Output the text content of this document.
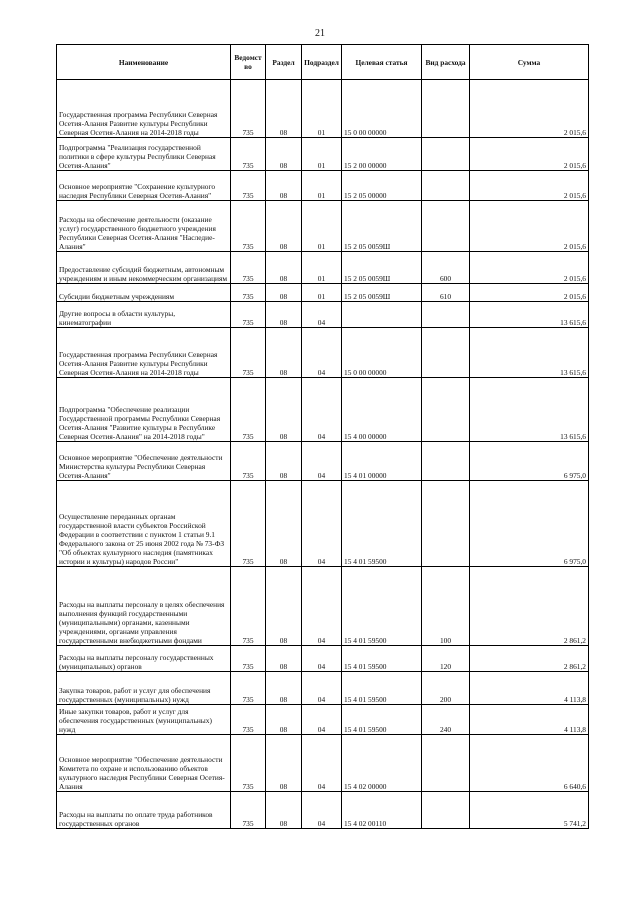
21
Наименование	Ведомст во	Раздел	Подраздел	Целевая статья	Вид расхода	Сумма
Государственная программа Республики Северная Осетия-Алания Развитие культуры Республики Северная Осетия-Алания на 2014-2018 годы	735	08	01	15 0 00 00000		2 015,6
Подпрограмма "Реализация государственной политики в сфере культуры Республики Северная Осетия-Алания"	735	08	01	15 2 00 00000		2 015,6
Основное мероприятие "Сохранение культурного наследия Республики Северная Осетия-Алания"	735	08	01	15 2 05 00000		2 015,6
Расходы на обеспечение деятельности (оказание услуг) государственного бюджетного учреждения Республики Северная Осетия-Алания "Наследие-Алания"	735	08	01	15 2 05 0059Ш		2 015,6
Предоставление субсидий бюджетным, автономным учреждениям и иным некоммерческим организациям	735	08	01	15 2 05 0059Ш	600	2 015,6
Субсидии бюджетным учреждениям	735	08	01	15 2 05 0059Ш	610	2 015,6
Другие вопросы в области культуры, кинематографии	735	08	04			13 615,6
Государственная программа Республики Северная Осетия-Алания Развитие культуры Республики Северная Осетия-Алания на 2014-2018 годы	735	08	04	15 0 00 00000		13 615,6
Подпрограмма "Обеспечение реализации Государственной программы Республики Северная Осетия-Алания "Развитие культуры в Республике Северная Осетия-Алания" на 2014-2018 годы"	735	08	04	15 4 00 00000		13 615,6
Основное мероприятие "Обеспечение деятельности Министерства культуры Республики Северная Осетия-Алания"	735	08	04	15 4 01 00000		6 975,0
Осуществление переданных органам государственной власти субъектов Российской Федерации в соответствии с пунктом 1 статьи 9.1 Федерального закона от 25 июня 2002 года № 73-ФЗ "Об объектах культурного наследия (памятниках истории и культуры) народов России"	735	08	04	15 4 01 59500		6 975,0
Расходы на выплаты персоналу в целях обеспечения выполнения функций государственными (муниципальными) органами, казенными учреждениями, органами управления государственными внебюджетными фондами	735	08	04	15 4 01 59500	100	2 861,2
Расходы на выплаты персоналу государственных (муниципальных) органов	735	08	04	15 4 01 59500	120	2 861,2
Закупка товаров, работ и услуг для обеспечения государственных (муниципальных) нужд	735	08	04	15 4 01 59500	200	4 113,8
Иные закупки товаров, работ и услуг для обеспечения государственных (муниципальных) нужд	735	08	04	15 4 01 59500	240	4 113,8
Основное мероприятие "Обеспечение деятельности Комитета по охране и использованию объектов культурного наследия Республики Северная Осетия-Алания	735	08	04	15 4 02 00000		6 640,6
Расходы на выплаты по оплате труда работников государственных органов	735	08	04	15 4 02 00110		5 741,2
